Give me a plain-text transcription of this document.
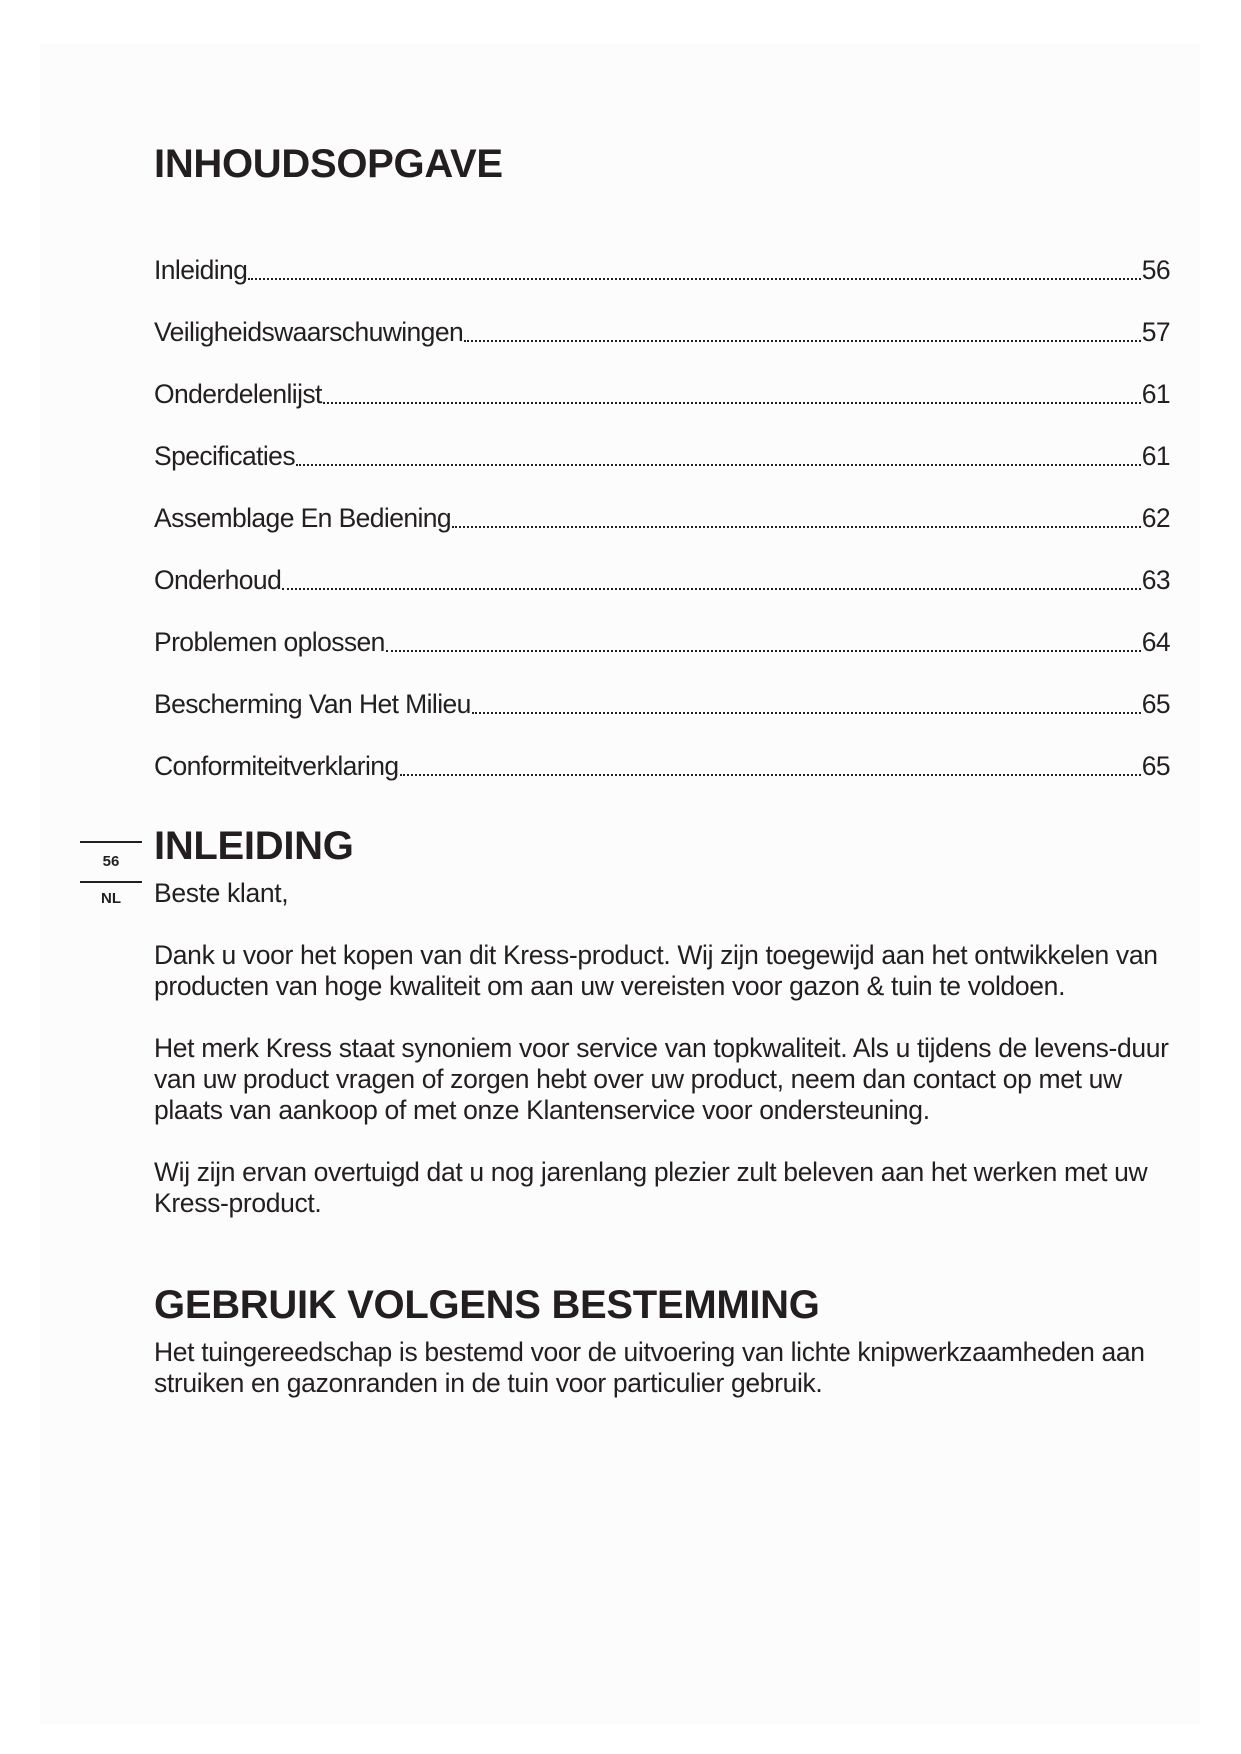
56
NL
INHOUDSOPGAVE
Inleiding	56
Veiligheidswaarschuwingen	57
Onderdelenlijst	61
Specificaties	61
Assemblage En Bediening	62
Onderhoud	63
Problemen oplossen	64
Bescherming Van Het Milieu	65
Conformiteitverklaring	65
INLEIDING

Beste klant,

Dank u voor het kopen van dit Kress-product. Wij zijn toegewijd aan het ontwikkelen van producten van hoge kwaliteit om aan uw vereisten voor gazon & tuin te voldoen.

Het merk Kress staat synoniem voor service van topkwaliteit. Als u tijdens de levens-duur van uw product vragen of zorgen hebt over uw product, neem dan contact op met uw plaats van aankoop of met onze Klantenservice voor ondersteuning.

Wij zijn ervan overtuigd dat u nog jarenlang plezier zult beleven aan het werken met uw Kress-product.

GEBRUIK VOLGENS BESTEMMING

Het tuingereedschap is bestemd voor de uitvoering van lichte knipwerkzaamheden aan struiken en gazonranden in de tuin voor particulier gebruik.
